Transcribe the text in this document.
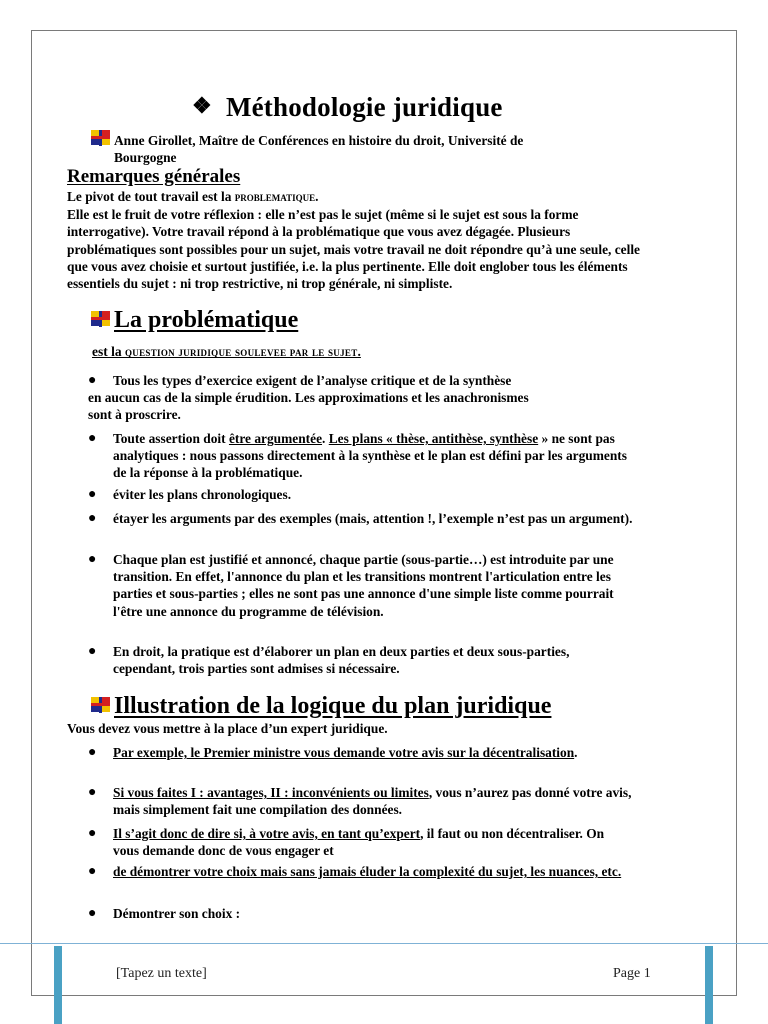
❖ Méthodologie juridique
Anne Girollet, Maître de Conférences en histoire du droit, Université de
Bourgogne
Remarques générales
Le pivot de tout travail est la problematique.
Elle est le fruit de votre réflexion : elle n’est pas le sujet (même si le sujet est sous la forme interrogative). Votre travail répond à la problématique que vous avez dégagée. Plusieurs problématiques sont possibles pour un sujet, mais votre travail ne doit répondre qu’à une seule, celle que vous avez choisie et surtout justifiée, i.e. la plus pertinente. Elle doit englober tous les éléments essentiels du sujet : ni trop restrictive, ni trop générale, ni simpliste.
La problématique
est la question juridique soulevee par le sujet.
●	Tous les types d’exercice exigent de l’analyse critique et de la synthèse
en aucun cas de la simple érudition. Les approximations et les anachronismes
sont à proscrire.
●	Toute assertion doit être argumentée. Les plans « thèse, antithèse, synthèse » ne sont pas analytiques : nous passons directement à la synthèse et le plan est défini par les arguments de la réponse à la problématique.
●	éviter les plans chronologiques.
●	étayer les arguments par des exemples (mais, attention !, l’exemple n’est pas un argument).
●	Chaque plan est justifié et annoncé, chaque partie (sous-partie…) est introduite par une transition. En effet, l'annonce du plan et les transitions montrent l'articulation entre les parties et sous-parties ; elles ne sont pas une annonce d'une simple liste comme pourrait l'être une annonce du programme de télévision.
●	En droit, la pratique est d’élaborer un plan en deux parties et deux sous-parties, cependant, trois parties sont admises si nécessaire.
Illustration de la logique du plan juridique
Vous devez vous mettre à la place d’un expert juridique.
●	Par exemple, le Premier ministre vous demande votre avis sur la décentralisation.
●	Si vous faites I : avantages, II : inconvénients ou limites, vous n’aurez pas donné votre avis, mais simplement fait une compilation des données.
●	Il s’agit donc de dire si, à votre avis, en tant qu’expert, il faut ou non décentraliser. On vous demande donc de vous engager et
●	de démontrer votre choix mais sans jamais éluder la complexité du sujet, les nuances, etc.
●	Démontrer son choix :
[Tapez un texte]	Page 1
